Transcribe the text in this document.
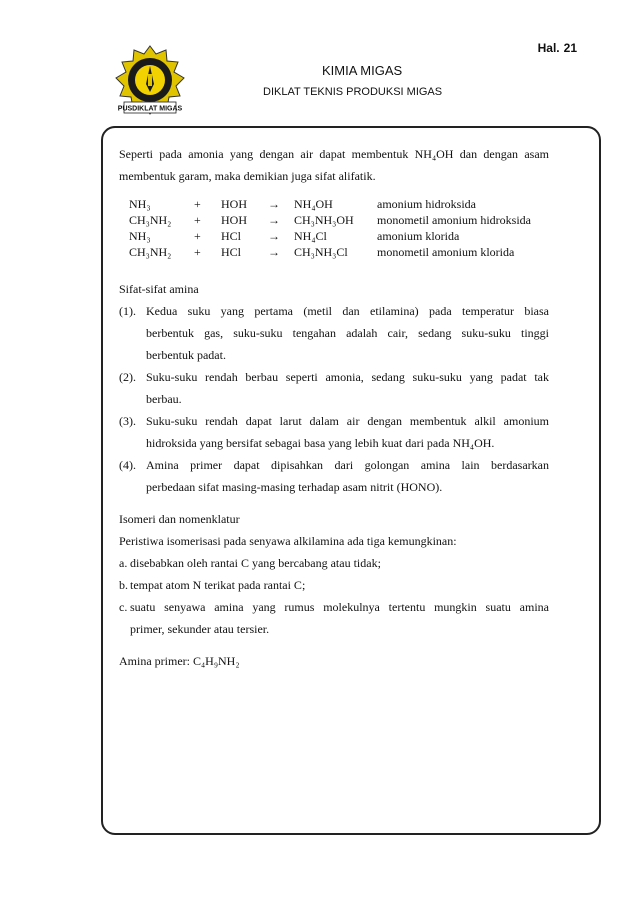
Hal. 21
PUSDIKLAT MIGAS
KIMIA MIGAS
DIKLAT TEKNIS PRODUKSI MIGAS

Seperti pada amonia yang dengan air dapat membentuk NH₄OH dan dengan asam

membentuk garam, maka demikian juga sifat alifatik.

NH₃	+	HOH	→	NH₄OH	amonium hidroksida
CH₃NH₂	+	HOH	→	CH₃NH₃OH	monometil amonium hidroksida
NH₃	+	HCl	→	NH₄Cl	amonium klorida
CH₃NH₂	+	HCl	→	CH₃NH₃Cl	monometil amonium klorida

Sifat-sifat amina

(1). Kedua suku yang pertama (metil dan etilamina) pada temperatur biasa

berbentuk gas, suku-suku tengahan adalah cair, sedang suku-suku tinggi

berbentuk padat.

(2). Suku-suku rendah berbau seperti amonia, sedang suku-suku yang padat tak

berbau.

(3). Suku-suku rendah dapat larut dalam air dengan membentuk alkil amonium

hidroksida yang bersifat sebagai basa yang lebih kuat dari pada NH₄OH.

(4). Amina primer dapat dipisahkan dari golongan amina lain berdasarkan

perbedaan sifat masing-masing terhadap asam nitrit (HONO).

Isomeri dan nomenklatur

Peristiwa isomerisasi pada senyawa alkilamina ada tiga kemungkinan:

a. disebabkan oleh rantai C yang bercabang atau tidak;

b. tempat atom N terikat pada rantai C;

c. suatu senyawa amina yang rumus molekulnya tertentu mungkin suatu amina

primer, sekunder atau tersier.

Amina primer: C₄H₉NH₂
